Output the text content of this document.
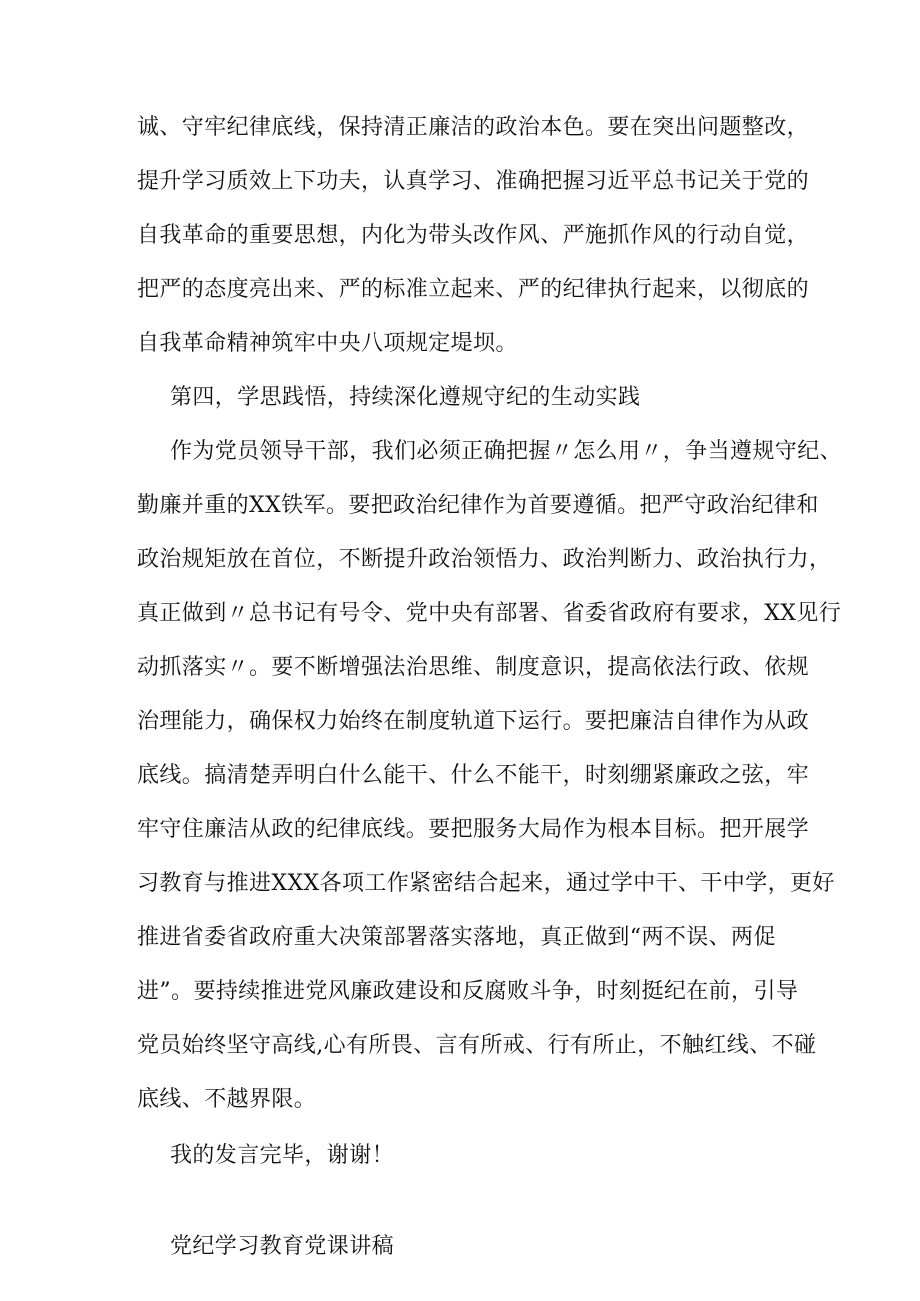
诚、守牢纪律底线，保持清正廉洁的政治本色。要在突出问题整改，
提升学习质效上下功夫，认真学习、准确把握习近平总书记关于党的
自我革命的重要思想，内化为带头改作风、严施抓作风的行动自觉，
把严的态度亮出来、严的标准立起来、严的纪律执行起来，以彻底的
自我革命精神筑牢中央八项规定堤坝。
第四，学思践悟，持续深化遵规守纪的生动实践
作为党员领导干部，我们必须正确把握〃怎么用〃，争当遵规守纪、
勤廉并重的XX铁军。要把政治纪律作为首要遵循。把严守政治纪律和
政治规矩放在首位，不断提升政治领悟力、政治判断力、政治执行力，
真正做到〃总书记有号令、党中央有部署、省委省政府有要求，XX见行
动抓落实〃。要不断增强法治思维、制度意识，提高依法行政、依规
治理能力，确保权力始终在制度轨道下运行。要把廉洁自律作为从政
底线。搞清楚弄明白什么能干、什么不能干，时刻绷紧廉政之弦，牢
牢守住廉洁从政的纪律底线。要把服务大局作为根本目标。把开展学
习教育与推进XXX各项工作紧密结合起来，通过学中干、干中学，更好
推进省委省政府重大决策部署落实落地，真正做到“两不误、两促
进”。要持续推进党风廉政建设和反腐败斗争，时刻挺纪在前，引导
党员始终坚守高线,心有所畏、言有所戒、行有所止，不触红线、不碰
底线、不越界限。
我的发言完毕，谢谢！
党纪学习教育党课讲稿
